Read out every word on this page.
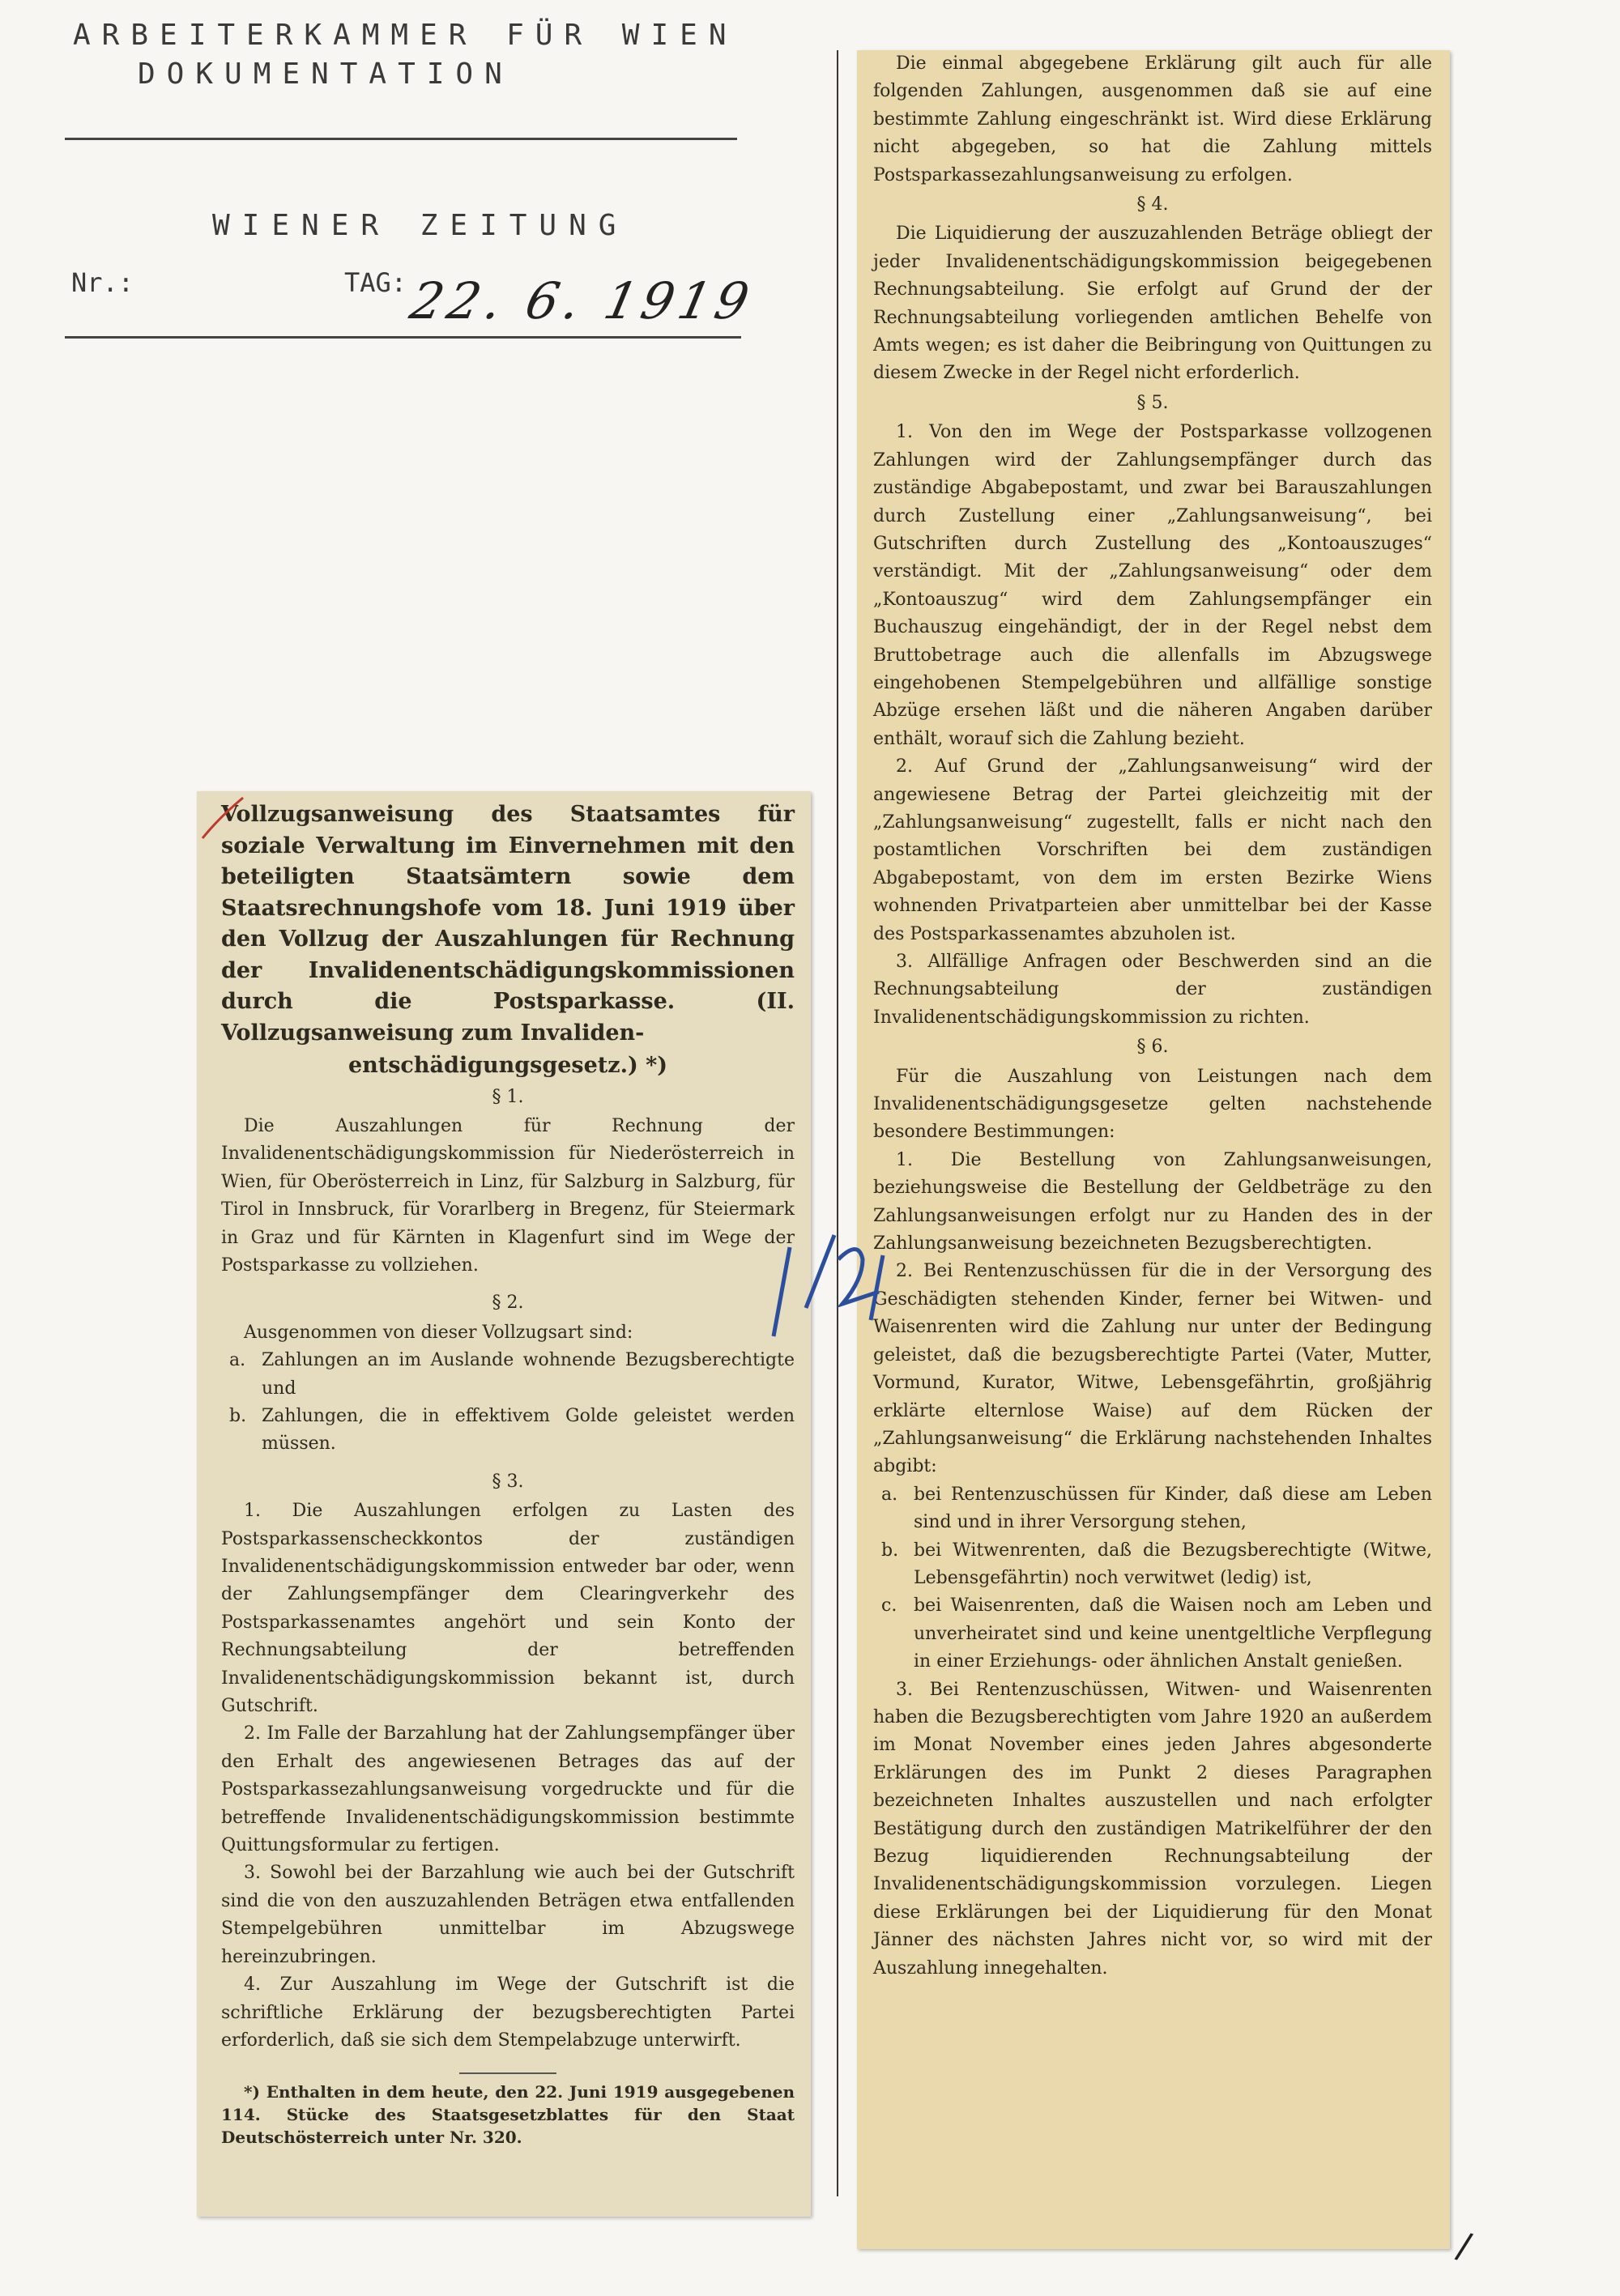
ARBEITERKAMMER FÜR WIEN
DOKUMENTATION
WIENER ZEITUNG
Nr.:	TAG:
22. 6. 1919

Die einmal abgegebene Erklärung gilt auch für alle folgenden Zahlungen, ausgenommen daß sie auf eine bestimmte Zahlung eingeschränkt ist. Wird diese Erklärung nicht abgegeben, so hat die Zahlung mittels Postsparkassezahlungsanweisung zu erfolgen.

§ 4.

Die Liquidierung der auszuzahlenden Beträge obliegt der jeder Invalidenentschädigungskommission beigegebenen Rechnungsabteilung. Sie erfolgt auf Grund der der Rechnungsabteilung vorliegenden amtlichen Behelfe von Amts wegen; es ist daher die Beibringung von Quittungen zu diesem Zwecke in der Regel nicht erforderlich.

§ 5.

1. Von den im Wege der Postsparkasse vollzogenen Zahlungen wird der Zahlungsempfänger durch das zuständige Abgabepostamt, und zwar bei Barauszahlungen durch Zustellung einer „Zahlungsanweisung“, bei Gutschriften durch Zustellung des „Kontoauszuges“ verständigt. Mit der „Zahlungsanweisung“ oder dem „Kontoauszug“ wird dem Zahlungsempfänger ein Buchauszug eingehändigt, der in der Regel nebst dem Bruttobetrage auch die allenfalls im Abzugswege eingehobenen Stempelgebühren und allfällige sonstige Abzüge ersehen läßt und die näheren Angaben darüber enthält, worauf sich die Zahlung bezieht.

2. Auf Grund der „Zahlungsanweisung“ wird der angewiesene Betrag der Partei gleichzeitig mit der „Zahlungsanweisung“ zugestellt, falls er nicht nach den postamtlichen Vorschriften bei dem zuständigen Abgabepostamt, von dem im ersten Bezirke Wiens wohnenden Privatparteien aber unmittelbar bei der Kasse des Postsparkassenamtes abzuholen ist.

3. Allfällige Anfragen oder Beschwerden sind an die Rechnungsabteilung der zuständigen Invalidenentschädigungskommission zu richten.

§ 6.

Für die Auszahlung von Leistungen nach dem Invalidenentschädigungsgesetze gelten nachstehende besondere Bestimmungen:

1. Die Bestellung von Zahlungsanweisungen, beziehungsweise die Bestellung der Geldbeträge zu den Zahlungsanweisungen erfolgt nur zu Handen des in der Zahlungsanweisung bezeichneten Bezugsberechtigten.

2. Bei Rentenzuschüssen für die in der Versorgung des Geschädigten stehenden Kinder, ferner bei Witwen- und Waisenrenten wird die Zahlung nur unter der Bedingung geleistet, daß die bezugsberechtigte Partei (Vater, Mutter, Vormund, Kurator, Witwe, Lebensgefährtin, großjährig erklärte elternlose Waise) auf dem Rücken der „Zahlungsanweisung“ die Erklärung nachstehenden Inhaltes abgibt:

a. bei Rentenzuschüssen für Kinder, daß diese am Leben sind und in ihrer Versorgung stehen,

b. bei Witwenrenten, daß die Bezugsberechtigte (Witwe, Lebensgefährtin) noch verwitwet (ledig) ist,

c. bei Waisenrenten, daß die Waisen noch am Leben und unverheiratet sind und keine unentgeltliche Verpflegung in einer Erziehungs- oder ähnlichen Anstalt genießen.

3. Bei Rentenzuschüssen, Witwen- und Waisenrenten haben die Bezugsberechtigten vom Jahre 1920 an außerdem im Monat November eines jeden Jahres abgesonderte Erklärungen des im Punkt 2 dieses Paragraphen bezeichneten Inhaltes auszustellen und nach erfolgter Bestätigung durch den zuständigen Matrikelführer der den Bezug liquidierenden Rechnungsabteilung der Invalidenentschädigungskommission vorzulegen. Liegen diese Erklärungen bei der Liquidierung für den Monat Jänner des nächsten Jahres nicht vor, so wird mit der Auszahlung innegehalten.

Vollzugsanweisung des Staatsamtes für soziale Verwaltung im Einvernehmen mit den beteiligten Staatsämtern sowie dem Staatsrechnungshofe vom 18. Juni 1919 über den Vollzug der Auszahlungen für Rechnung der Invalidenentschädigungskommissionen durch die Postsparkasse. (II. Vollzugsanweisung zum Invaliden-

entschädigungsgesetz.) *)

§ 1.

Die Auszahlungen für Rechnung der Invalidenentschädigungskommission für Niederösterreich in Wien, für Oberösterreich in Linz, für Salzburg in Salzburg, für Tirol in Innsbruck, für Vorarlberg in Bregenz, für Steiermark in Graz und für Kärnten in Klagenfurt sind im Wege der Postsparkasse zu vollziehen.

§ 2.

Ausgenommen von dieser Vollzugsart sind:

a. Zahlungen an im Auslande wohnende Bezugsberechtigte und

b. Zahlungen, die in effektivem Golde geleistet werden müssen.

§ 3.

1. Die Auszahlungen erfolgen zu Lasten des Postsparkassenscheckkontos der zuständigen Invalidenentschädigungskommission entweder bar oder, wenn der Zahlungsempfänger dem Clearingverkehr des Postsparkassenamtes angehört und sein Konto der Rechnungsabteilung der betreffenden Invalidenentschädigungskommission bekannt ist, durch Gutschrift.

2. Im Falle der Barzahlung hat der Zahlungsempfänger über den Erhalt des angewiesenen Betrages das auf der Postsparkassezahlungsanweisung vorgedruckte und für die betreffende Invalidenentschädigungskommission bestimmte Quittungsformular zu fertigen.

3. Sowohl bei der Barzahlung wie auch bei der Gutschrift sind die von den auszuzahlenden Beträgen etwa entfallenden Stempelgebühren unmittelbar im Abzugswege hereinzubringen.

4. Zur Auszahlung im Wege der Gutschrift ist die schriftliche Erklärung der bezugsberechtigten Partei erforderlich, daß sie sich dem Stempelabzuge unterwirft.

*) Enthalten in dem heute, den 22. Juni 1919 ausgegebenen 114. Stücke des Staatsgesetzblattes für den Staat Deutschösterreich unter Nr. 320.

/
